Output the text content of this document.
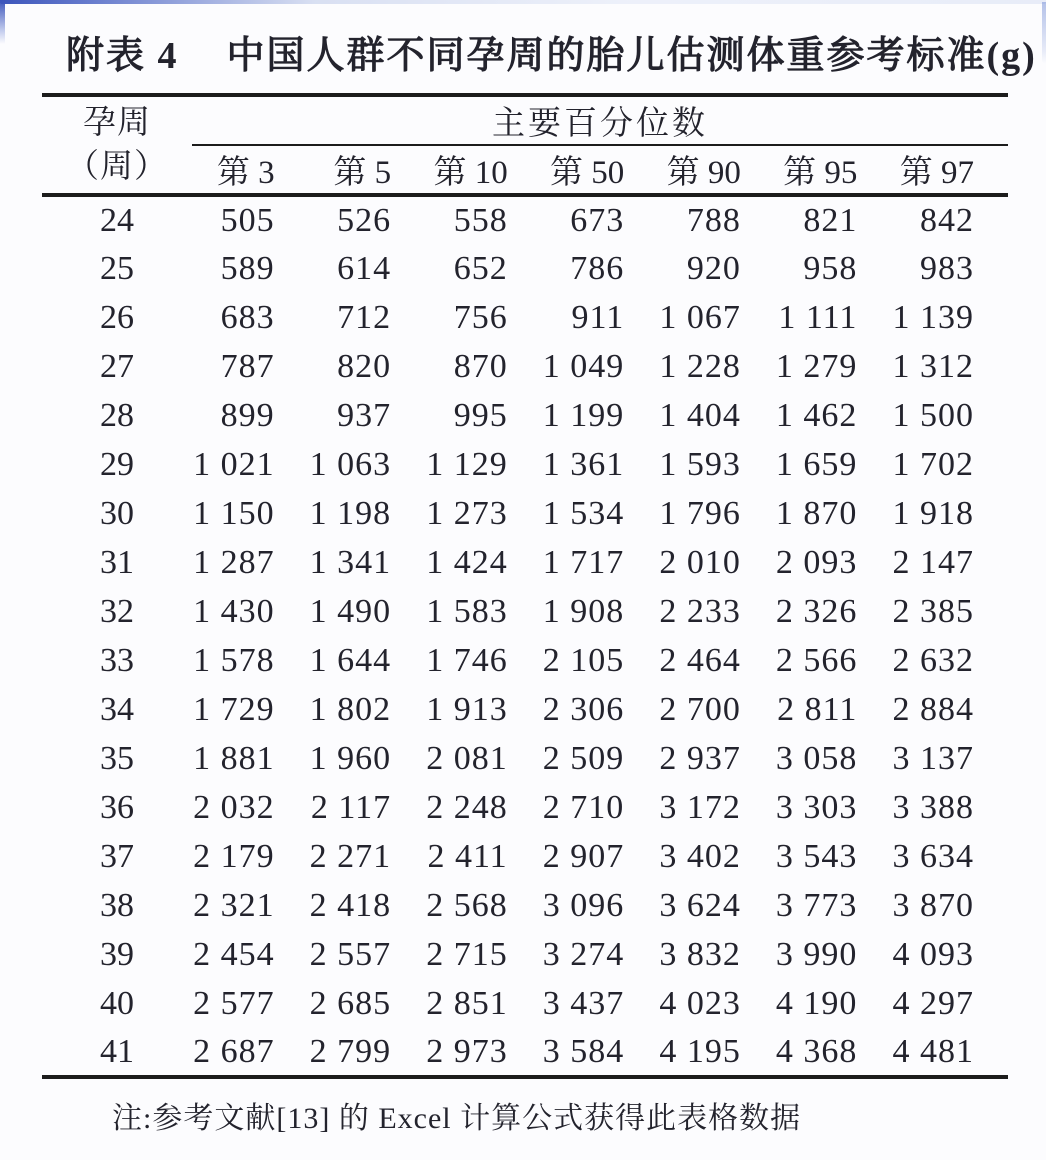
附表 4 中国人群不同孕周的胎儿估测体重参考标准(g)
孕周
（周）	主要百分位数						
	第 3	第 5	第 10	第 50	第 90	第 95	第 97
24	505	526	558	673	788	821	842
25	589	614	652	786	920	958	983
26	683	712	756	911	1 067	1 111	1 139
27	787	820	870	1 049	1 228	1 279	1 312
28	899	937	995	1 199	1 404	1 462	1 500
29	1 021	1 063	1 129	1 361	1 593	1 659	1 702
30	1 150	1 198	1 273	1 534	1 796	1 870	1 918
31	1 287	1 341	1 424	1 717	2 010	2 093	2 147
32	1 430	1 490	1 583	1 908	2 233	2 326	2 385
33	1 578	1 644	1 746	2 105	2 464	2 566	2 632
34	1 729	1 802	1 913	2 306	2 700	2 811	2 884
35	1 881	1 960	2 081	2 509	2 937	3 058	3 137
36	2 032	2 117	2 248	2 710	3 172	3 303	3 388
37	2 179	2 271	2 411	2 907	3 402	3 543	3 634
38	2 321	2 418	2 568	3 096	3 624	3 773	3 870
39	2 454	2 557	2 715	3 274	3 832	3 990	4 093
40	2 577	2 685	2 851	3 437	4 023	4 190	4 297
41	2 687	2 799	2 973	3 584	4 195	4 368	4 481
注:参考文献[13] 的 Excel 计算公式获得此表格数据
